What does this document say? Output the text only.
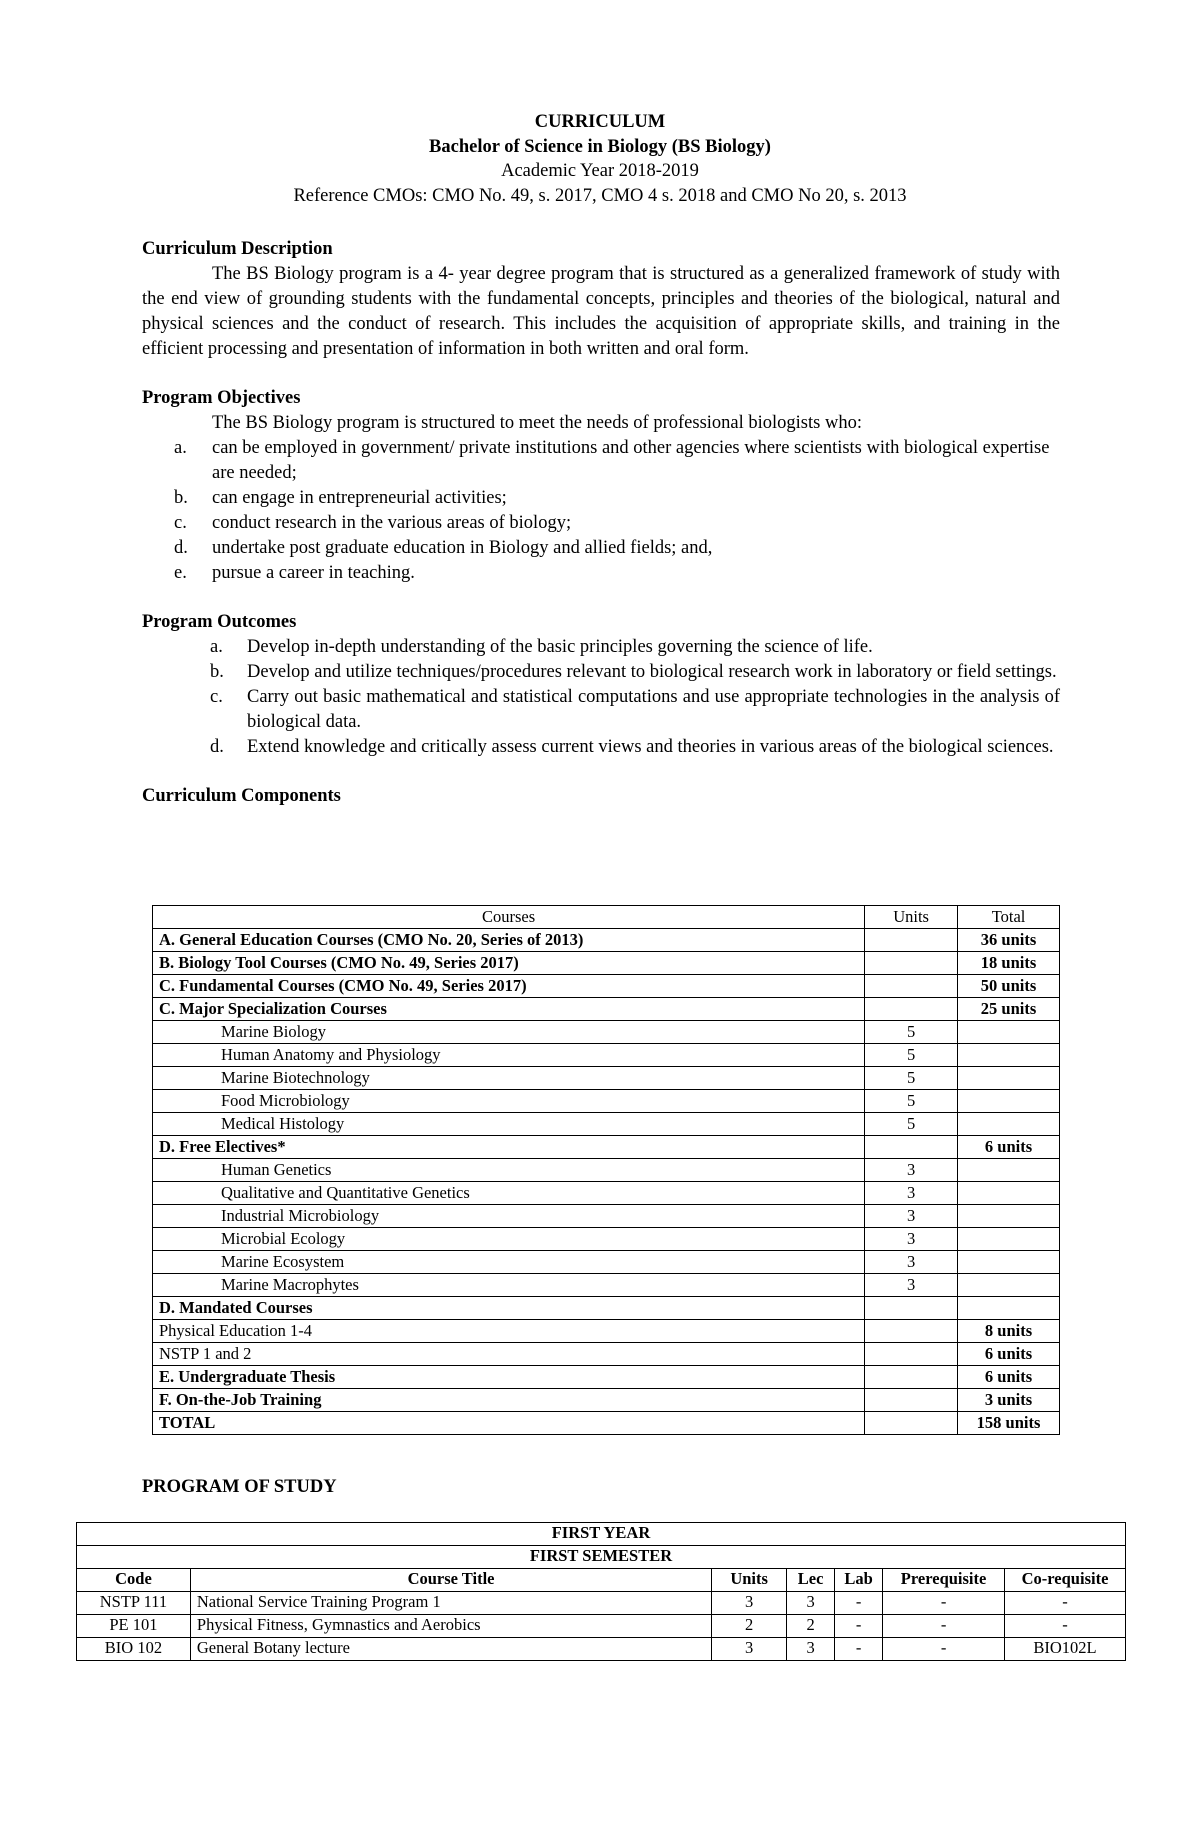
CURRICULUM
Bachelor of Science in Biology (BS Biology)
Academic Year 2018-2019
Reference CMOs: CMO No. 49, s. 2017, CMO 4 s. 2018 and CMO No 20, s. 2013

Curriculum Description

The BS Biology program is a 4- year degree program that is structured as a generalized framework of study with the end view of grounding students with the fundamental concepts, principles and theories of the biological, natural and physical sciences and the conduct of research. This includes the acquisition of appropriate skills, and training in the efficient processing and presentation of information in both written and oral form.

Program Objectives

The BS Biology program is structured to meet the needs of professional biologists who:

a. can be employed in government/ private institutions and other agencies where scientists with biological expertise are needed;
b. can engage in entrepreneurial activities;
c. conduct research in the various areas of biology;
d. undertake post graduate education in Biology and allied fields; and,
e. pursue a career in teaching.

Program Outcomes

a. Develop in-depth understanding of the basic principles governing the science of life.
b. Develop and utilize techniques/procedures relevant to biological research work in laboratory or field settings.
c. Carry out basic mathematical and statistical computations and use appropriate technologies in the analysis of biological data.
d. Extend knowledge and critically assess current views and theories in various areas of the biological sciences.

Curriculum Components

Courses	Units	Total
A. General Education Courses (CMO No. 20, Series of 2013)		36 units
B. Biology Tool Courses (CMO No. 49, Series 2017)		18 units
C. Fundamental Courses (CMO No. 49, Series 2017)		50 units
C. Major Specialization Courses		25 units
Marine Biology	5	
Human Anatomy and Physiology	5	
Marine Biotechnology	5	
Food Microbiology	5	
Medical Histology	5	
D. Free Electives*		6 units
Human Genetics	3	
Qualitative and Quantitative Genetics	3	
Industrial Microbiology	3	
Microbial Ecology	3	
Marine Ecosystem	3	
Marine Macrophytes	3	
D. Mandated Courses		
Physical Education 1-4		8 units
NSTP 1 and 2		6 units
E. Undergraduate Thesis		6 units
F. On-the-Job Training		3 units
TOTAL		158 units
PROGRAM OF STUDY
FIRST YEAR						
FIRST SEMESTER						
Code	Course Title	Units	Lec	Lab	Prerequisite	Co-requisite
NSTP 111	National Service Training Program 1	3	3	-	-	-
PE 101	Physical Fitness, Gymnastics and Aerobics	2	2	-	-	-
BIO 102	General Botany lecture	3	3	-	-	BIO102L
